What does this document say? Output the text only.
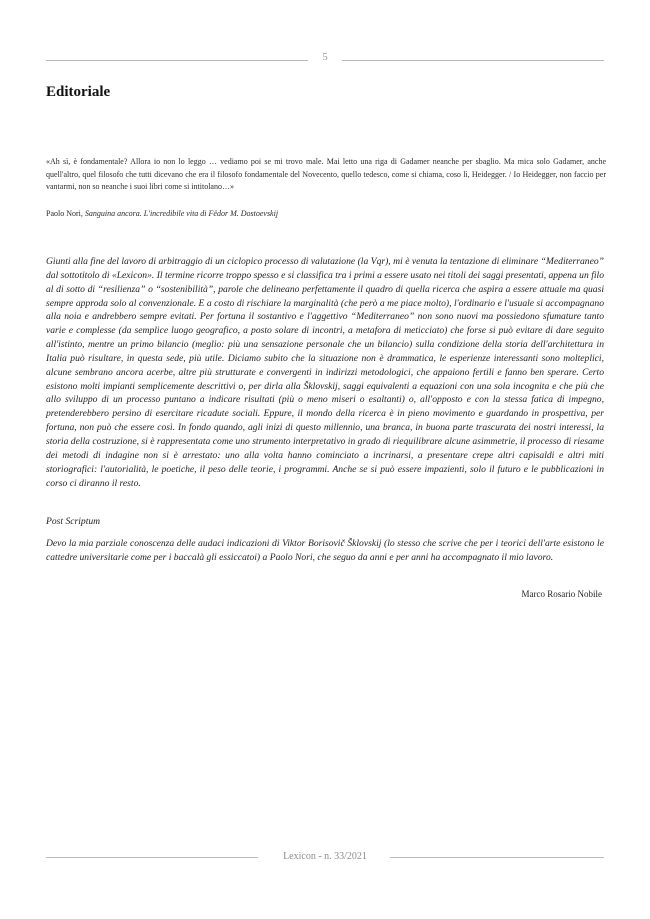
5
Editoriale
«Ah sì, è fondamentale? Allora io non lo leggo … vediamo poi se mi trovo male. Mai letto una riga di Gadamer neanche per sbaglio. Ma mica solo Gadamer, anche quell'altro, quel filosofo che tutti dicevano che era il filosofo fondamentale del Novecento, quello tedesco, come si chiama, coso lì, Heidegger. / Io Heidegger, non faccio per vantarmi, non so neanche i suoi libri come si intitolano…»
Paolo Nori, Sanguina ancora. L'incredibile vita di Fëdor M. Dostoevskij
Giunti alla fine del lavoro di arbitraggio di un ciclopico processo di valutazione (la Vqr), mi è venuta la tentazione di eliminare “Mediterraneo” dal sottotitolo di «Lexicon». Il termine ricorre troppo spesso e si classifica tra i primi a essere usato nei titoli dei saggi presentati, appena un filo al di sotto di “resilienza” o “sostenibilità”, parole che delineano perfettamente il quadro di quella ricerca che aspira a essere attuale ma quasi sempre approda solo al convenzionale. E a costo di rischiare la marginalità (che però a me piace molto), l'ordinario e l'usuale si accompagnano alla noia e andrebbero sempre evitati. Per fortuna il sostantivo e l'aggettivo “Mediterraneo” non sono nuovi ma possiedono sfumature tanto varie e complesse (da semplice luogo geografico, a posto solare di incontri, a metafora di meticciato) che forse si può evitare di dare seguito all'istinto, mentre un primo bilancio (meglio: più una sensazione personale che un bilancio) sulla condizione della storia dell'architettura in Italia può risultare, in questa sede, più utile. Diciamo subito che la situazione non è drammatica, le esperienze interessanti sono molteplici, alcune sembrano ancora acerbe, altre più strutturate e convergenti in indirizzi metodologici, che appaiono fertili e fanno ben sperare. Certo esistono molti impianti semplicemente descrittivi o, per dirla alla Šklovskij, saggi equivalenti a equazioni con una sola incognita e che più che allo sviluppo di un processo puntano a indicare risultati (più o meno miseri o esaltanti) o, all'opposto e con la stessa fatica di impegno, pretenderebbero persino di esercitare ricadute sociali. Eppure, il mondo della ricerca è in pieno movimento e guardando in prospettiva, per fortuna, non può che essere così. In fondo quando, agli inizi di questo millennio, una branca, in buona parte trascurata dei nostri interessi, la storia della costruzione, si è rappresentata come uno strumento interpretativo in grado di riequilibrare alcune asimmetrie, il processo di riesame dei metodi di indagine non si è arrestato: uno alla volta hanno cominciato a incrinarsi, a presentare crepe altri capisaldi e altri miti storiografici: l'autorialità, le poetiche, il peso delle teorie, i programmi. Anche se si può essere impazienti, solo il futuro e le pubblicazioni in corso ci diranno il resto.
Post Scriptum
Devo la mia parziale conoscenza delle audaci indicazioni di Viktor Borisovič Šklovskij (lo stesso che scrive che per i teorici dell'arte esistono le cattedre universitarie come per i baccalà gli essiccatoi) a Paolo Nori, che seguo da anni e per anni ha accompagnato il mio lavoro.
Marco Rosario Nobile
Lexicon - n. 33/2021
